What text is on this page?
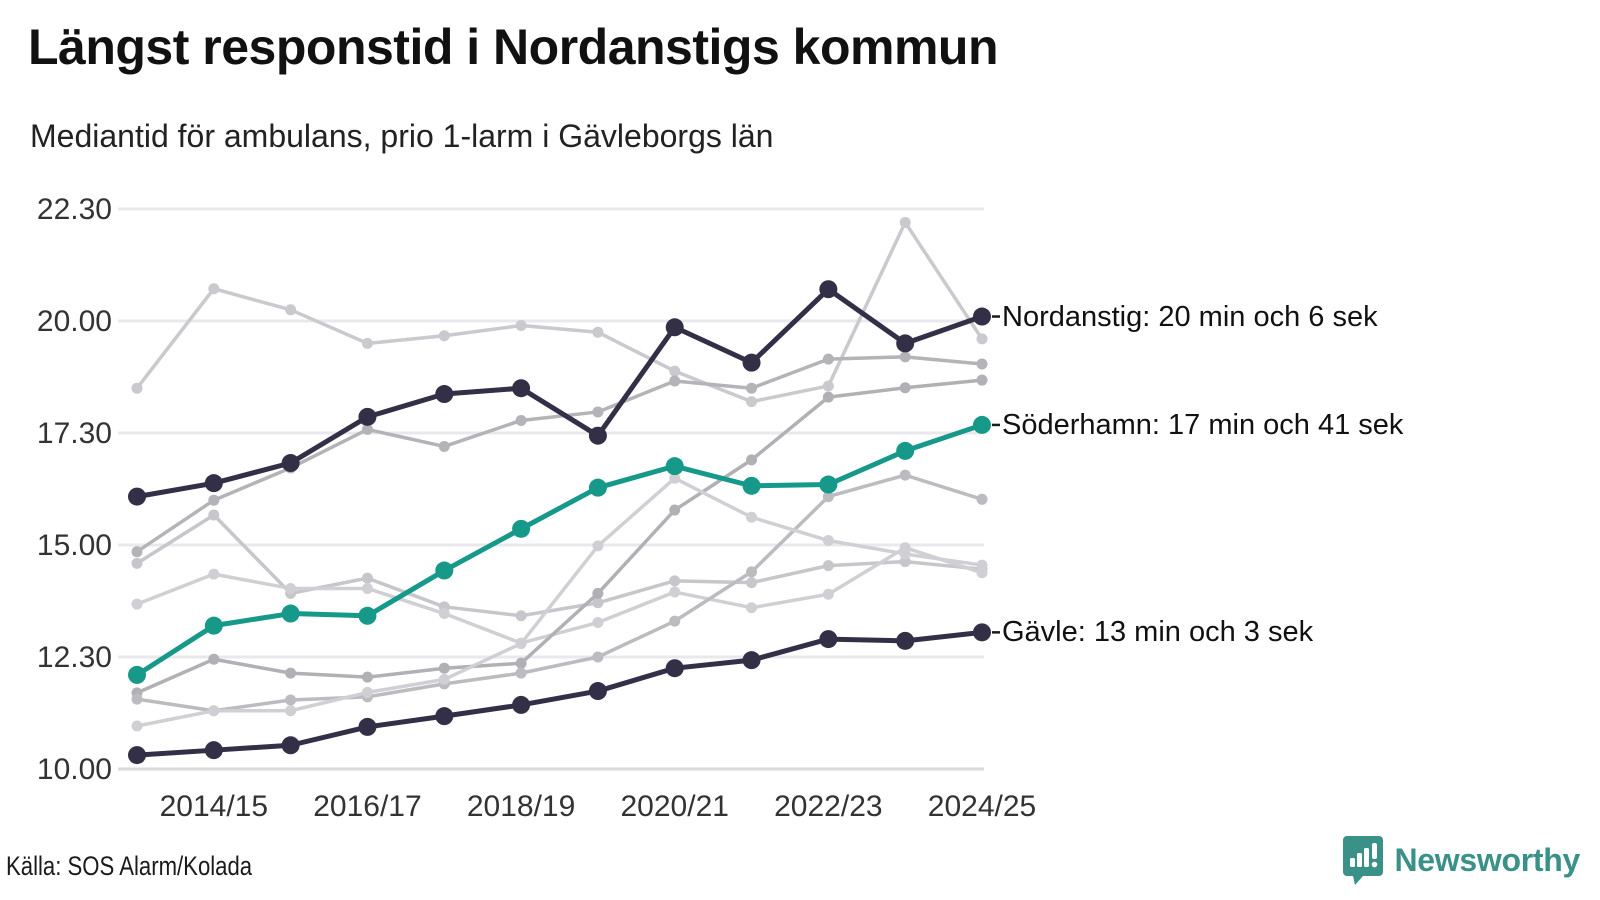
Längst responstid i Nordanstigs kommun

Mediantid för ambulans, prio 1-larm i Gävleborgs län

22.30
20.00
17.30
15.00
12.30
10.00
2014/15 2016/17 2018/19 2020/21 2022/23 2024/25
Nordanstig: 20 min och 6 sek
Söderhamn: 17 min och 41 sek
Gävle: 13 min och 3 sek
Källa: SOS Alarm/Kolada	Newsworthy
